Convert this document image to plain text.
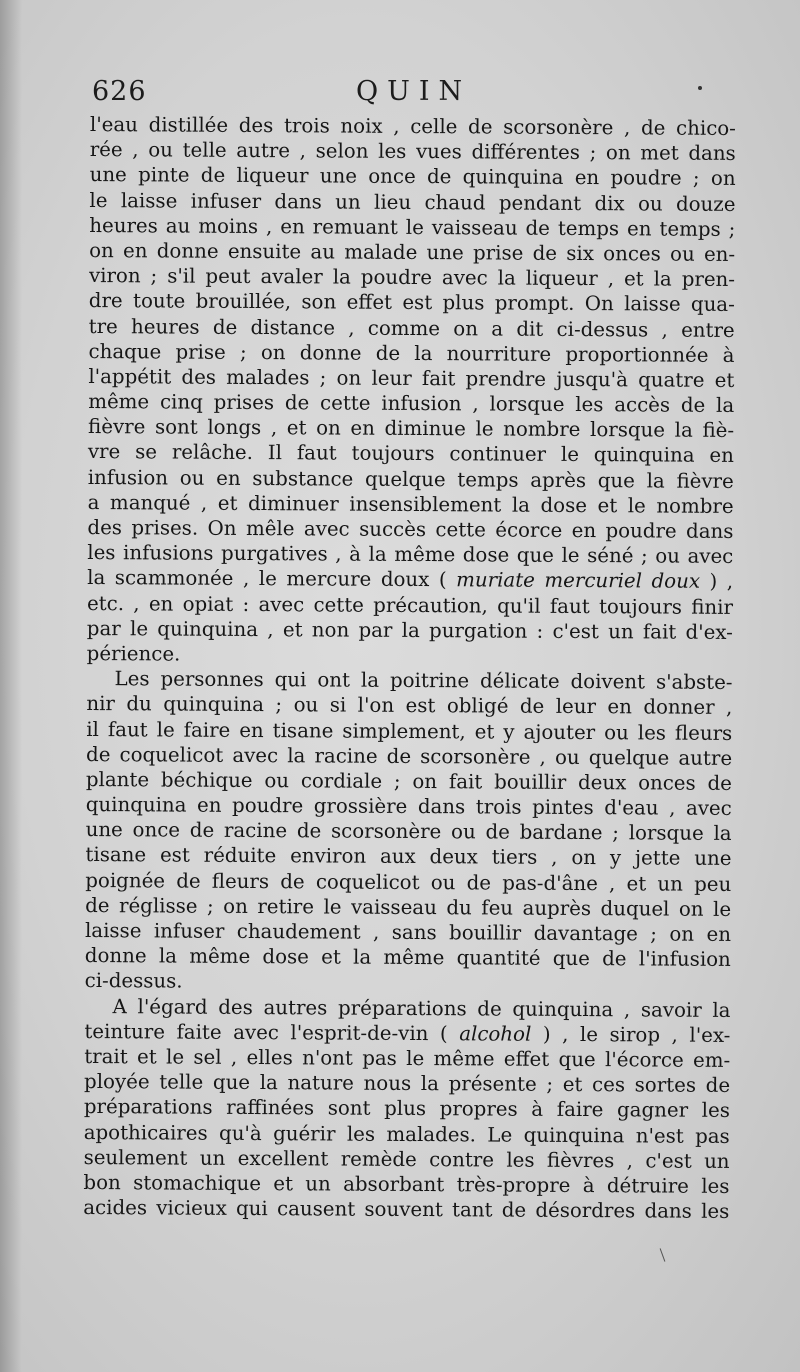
626	QUIN
l'eau distillée des trois noix , celle de scorsonère , de chico-
rée , ou telle autre , selon les vues différentes ; on met dans
une pinte de liqueur une once de quinquina en poudre ; on
le laisse infuser dans un lieu chaud pendant dix ou douze
heures au moins , en remuant le vaisseau de temps en temps ;
on en donne ensuite au malade une prise de six onces ou en-
viron ; s'il peut avaler la poudre avec la liqueur , et la pren-
dre toute brouillée, son effet est plus prompt. On laisse qua-
tre heures de distance , comme on a dit ci-dessus , entre
chaque prise ; on donne de la nourriture proportionnée à
l'appétit des malades ; on leur fait prendre jusqu'à quatre et
même cinq prises de cette infusion , lorsque les accès de la
fièvre sont longs , et on en diminue le nombre lorsque la fiè-
vre se relâche. Il faut toujours continuer le quinquina en
infusion ou en substance quelque temps après que la fièvre
a manqué , et diminuer insensiblement la dose et le nombre
des prises. On mêle avec succès cette écorce en poudre dans
les infusions purgatives , à la même dose que le séné ; ou avec
la scammonée , le mercure doux ( muriate mercuriel doux ) ,
etc. , en opiat : avec cette précaution, qu'il faut toujours finir
par le quinquina , et non par la purgation : c'est un fait d'ex-
périence.
Les personnes qui ont la poitrine délicate doivent s'abste-
nir du quinquina ; ou si l'on est obligé de leur en donner ,
il faut le faire en tisane simplement, et y ajouter ou les fleurs
de coquelicot avec la racine de scorsonère , ou quelque autre
plante béchique ou cordiale ; on fait bouillir deux onces de
quinquina en poudre grossière dans trois pintes d'eau , avec
une once de racine de scorsonère ou de bardane ; lorsque la
tisane est réduite environ aux deux tiers , on y jette une
poignée de fleurs de coquelicot ou de pas-d'âne , et un peu
de réglisse ; on retire le vaisseau du feu auprès duquel on le
laisse infuser chaudement , sans bouillir davantage ; on en
donne la même dose et la même quantité que de l'infusion
ci-dessus.
A l'égard des autres préparations de quinquina , savoir la
teinture faite avec l'esprit-de-vin ( alcohol ) , le sirop , l'ex-
trait et le sel , elles n'ont pas le même effet que l'écorce em-
ployée telle que la nature nous la présente ; et ces sortes de
préparations raffinées sont plus propres à faire gagner les
apothicaires qu'à guérir les malades. Le quinquina n'est pas
seulement un excellent remède contre les fièvres , c'est un
bon stomachique et un absorbant très-propre à détruire les
acides vicieux qui causent souvent tant de désordres dans les
